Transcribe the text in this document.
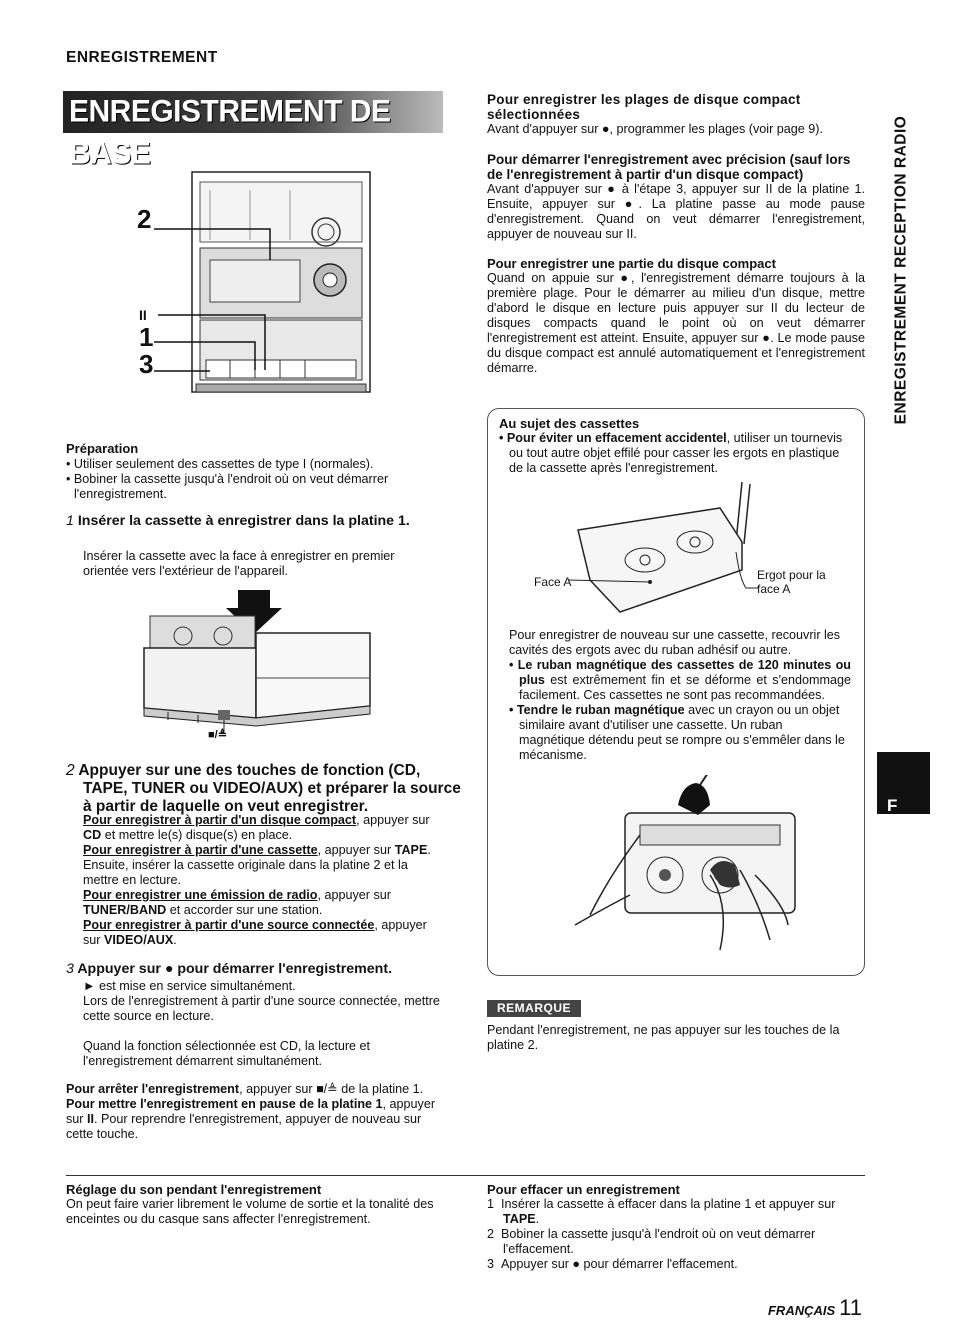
ENREGISTREMENT
ENREGISTREMENT DE BASE
2
II
1
3
Préparation

• Utiliser seulement des cassettes de type I (normales).

• Bobiner la cassette jusqu'à l'endroit où on veut démarrer l'enregistrement.

1 Insérer la cassette à enregistrer dans la platine 1.

Insérer la cassette avec la face à enregistrer en premier orientée vers l'extérieur de l'appareil.

■/≜
2 Appuyer sur une des touches de fonction (CD, TAPE, TUNER ou VIDEO/AUX) et préparer la source à partir de laquelle on veut enregistrer.

Pour enregistrer à partir d'un disque compact, appuyer sur CD et mettre le(s) disque(s) en place.

Pour enregistrer à partir d'une cassette, appuyer sur TAPE. Ensuite, insérer la cassette originale dans la platine 2 et la mettre en lecture.

Pour enregistrer une émission de radio, appuyer sur TUNER/BAND et accorder sur une station.

Pour enregistrer à partir d'une source connectée, appuyer sur VIDEO/AUX.

3 Appuyer sur ● pour démarrer l'enregistrement.

► est mise en service simultanément.

Lors de l'enregistrement à partir d'une source connectée, mettre cette source en lecture.

Quand la fonction sélectionnée est CD, la lecture et l'enregistrement démarrent simultanément.

Pour arrêter l'enregistrement, appuyer sur ■/≜ de la platine 1.

Pour mettre l'enregistrement en pause de la platine 1, appuyer sur II. Pour reprendre l'enregistrement, appuyer de nouveau sur cette touche.

Pour enregistrer les plages de disque compact sélectionnées

Avant d'appuyer sur ●, programmer les plages (voir page 9).

Pour démarrer l'enregistrement avec précision (sauf lors de l'enregistrement à partir d'un disque compact)

Avant d'appuyer sur ● à l'étape 3, appuyer sur II de la platine 1. Ensuite, appuyer sur ●. La platine passe au mode pause d'enregistrement. Quand on veut démarrer l'enregistrement, appuyer de nouveau sur II.

Pour enregistrer une partie du disque compact

Quand on appuie sur ●, l'enregistrement démarre toujours à la première plage. Pour le démarrer au milieu d'un disque, mettre d'abord le disque en lecture puis appuyer sur II du lecteur de disques compacts quand le point où on veut démarrer l'enregistrement est atteint. Ensuite, appuyer sur ●. Le mode pause du disque compact est annulé automatiquement et l'enregistrement démarre.

Au sujet des cassettes

• Pour éviter un effacement accidentel, utiliser un tournevis ou tout autre objet effilé pour casser les ergots en plastique de la cassette après l'enregistrement.

Face A	Ergot pour la face A

Pour enregistrer de nouveau sur une cassette, recouvrir les cavités des ergots avec du ruban adhésif ou autre.

• Le ruban magnétique des cassettes de 120 minutes ou plus est extrêmement fin et se déforme et s'endommage facilement. Ces cassettes ne sont pas recommandées.

• Tendre le ruban magnétique avec un crayon ou un objet similaire avant d'utiliser une cassette. Un ruban magnétique détendu peut se rompre ou s'emmêler dans le mécanisme.

REMARQUE

Pendant l'enregistrement, ne pas appuyer sur les touches de la platine 2.

Réglage du son pendant l'enregistrement

On peut faire varier librement le volume de sortie et la tonalité des enceintes ou du casque sans affecter l'enregistrement.

Pour effacer un enregistrement

1 Insérer la cassette à effacer dans la platine 1 et appuyer sur TAPE.

2 Bobiner la cassette jusqu'à l'endroit où on veut démarrer l'effacement.

3 Appuyer sur ● pour démarrer l'effacement.

ENREGISTREMENT RECEPTION RADIO
F
FRANÇAIS 11
